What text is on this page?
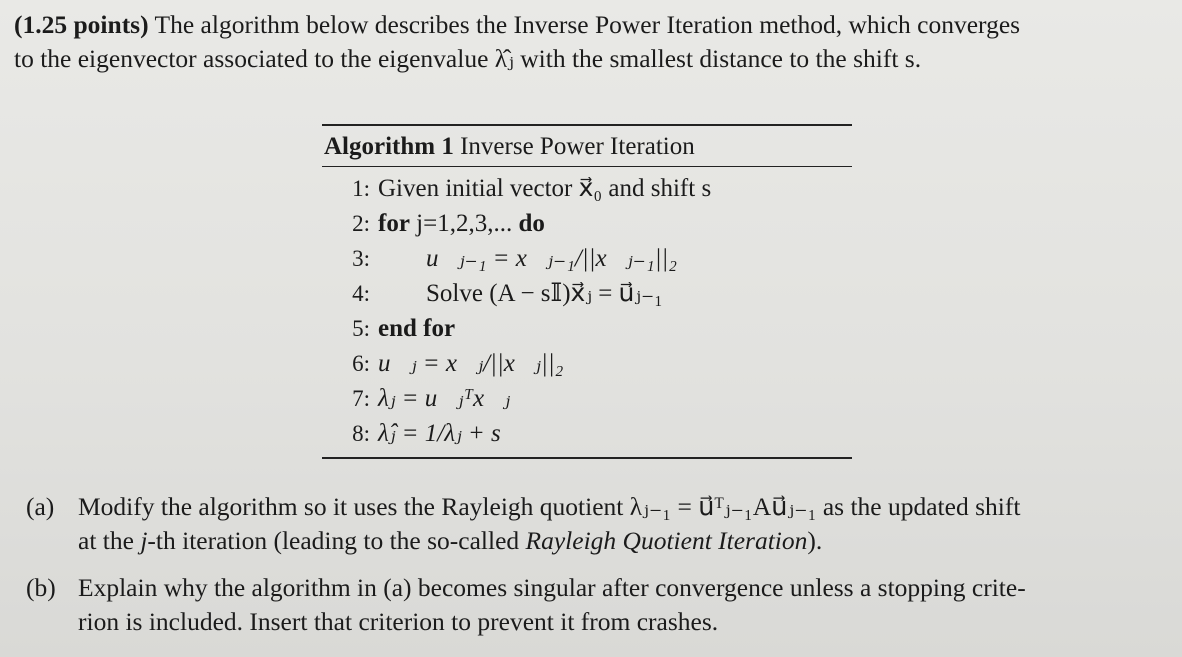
(1.25 points) The algorithm below describes the Inverse Power Iteration method, which converges
to the eigenvector associated to the eigenvalue λ̂ⱼ with the smallest distance to the shift s.
Algorithm 1 Inverse Power Iteration
1: Given initial vector x⃗₀ and shift s
2: for j=1,2,3,... do
3:	u⃗ⱼ₋₁ = x⃗ⱼ₋₁/||x⃗ⱼ₋₁||₂
4:	Solve (A − s𝕀)x⃗ⱼ = u⃗ⱼ₋₁
5: end for
6: u⃗ⱼ = x⃗ⱼ/||x⃗ⱼ||₂
7: λⱼ = u⃗ⱼᵀx⃗ⱼ
8: λ̂ⱼ = 1/λⱼ + s
(a) Modify the algorithm so it uses the Rayleigh quotient λⱼ₋₁ = u⃗ᵀⱼ₋₁Au⃗ⱼ₋₁ as the updated shift
at the j-th iteration (leading to the so-called Rayleigh Quotient Iteration).
(b) Explain why the algorithm in (a) becomes singular after convergence unless a stopping crite-
rion is included. Insert that criterion to prevent it from crashes.
